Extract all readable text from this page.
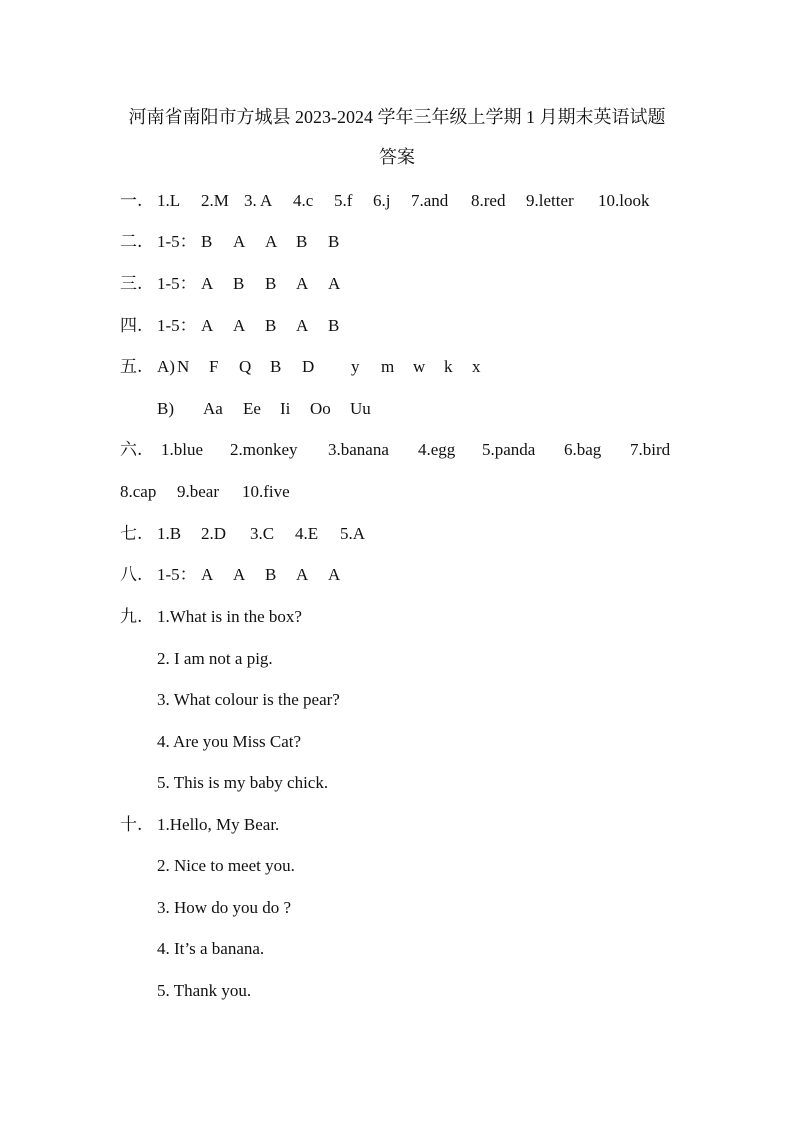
河南省南阳市方城县 2023-2024 学年三年级上学期 1 月期末英语试题
答案
一. 1.L 2.M 3. A 4.c 5.f 6.j 7.and 8.red 9.letter 10.look
二. 1-5： B A A B B
三. 1-5： A B B A A
四. 1-5： A A B A B
五. A) N F Q B D y m w k x
B) Aa Ee Ii Oo Uu
六. 1.blue 2.monkey 3.banana 4.egg 5.panda 6.bag 7.bird
8.cap 9.bear 10.five
七. 1.B 2.D 3.C 4.E 5.A
八. 1-5： A A B A A
九. 1.What is in the box?
2. I am not a pig.
3. What colour is the pear?
4. Are you Miss Cat?
5. This is my baby chick.
十. 1.Hello, My Bear.
2. Nice to meet you.
3. How do you do ?
4. It’s a banana.
5. Thank you.
